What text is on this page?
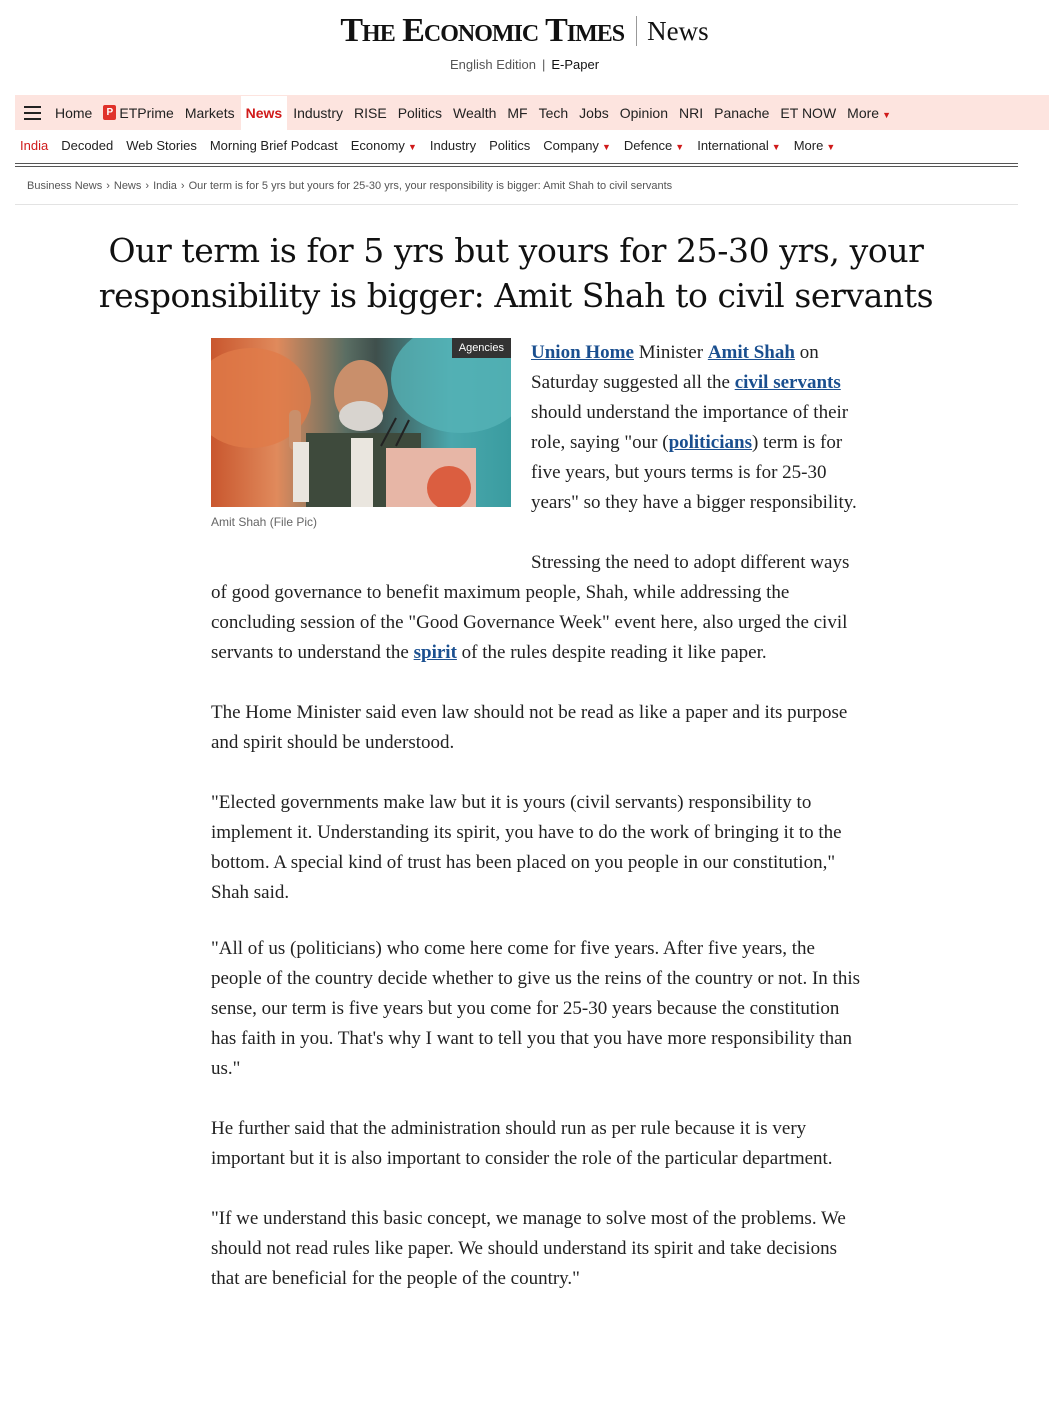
The Economic Times News
English Edition | E-Paper
Home	P ETPrime Markets News Industry RISE Politics Wealth MF Tech Jobs Opinion NRI Panache ET NOW More ▼
India Decoded Web Stories Morning Brief Podcast Economy ▼ Industry Politics Company ▼ Defence ▼ International ▼ More ▼
Business News › News › India › Our term is for 5 yrs but yours for 25-30 yrs, your responsibility is bigger: Amit Shah to civil servants
Our term is for 5 yrs but yours for 25-30 yrs, your responsibility is bigger: Amit Shah to civil servants
Union Home Minister Amit Shah on Saturday suggested all the civil servants should understand the importance of their role, saying "our (politicians) term is for five years, but yours terms is for 25-30 years" so they have a bigger responsibility.
Stressing the need to adopt different ways of good governance to benefit maximum people, Shah, while addressing the concluding session of the "Good Governance Week" event here, also urged the civil servants to understand the spirit of the rules despite reading it like paper.
The Home Minister said even law should not be read as like a paper and its purpose and spirit should be understood.
"Elected governments make law but it is yours (civil servants) responsibility to implement it. Understanding its spirit, you have to do the work of bringing it to the bottom. A special kind of trust has been placed on you people in our constitution," Shah said.
"All of us (politicians) who come here come for five years. After five years, the people of the country decide whether to give us the reins of the country or not. In this sense, our term is five years but you come for 25-30 years because the constitution has faith in you. That's why I want to tell you that you have more responsibility than us."
He further said that the administration should run as per rule because it is very important but it is also important to consider the role of the particular department.
"If we understand this basic concept, we manage to solve most of the problems. We should not read rules like paper. We should understand its spirit and take decisions that are beneficial for the people of the country."
Agencies
Amit Shah (File Pic)
